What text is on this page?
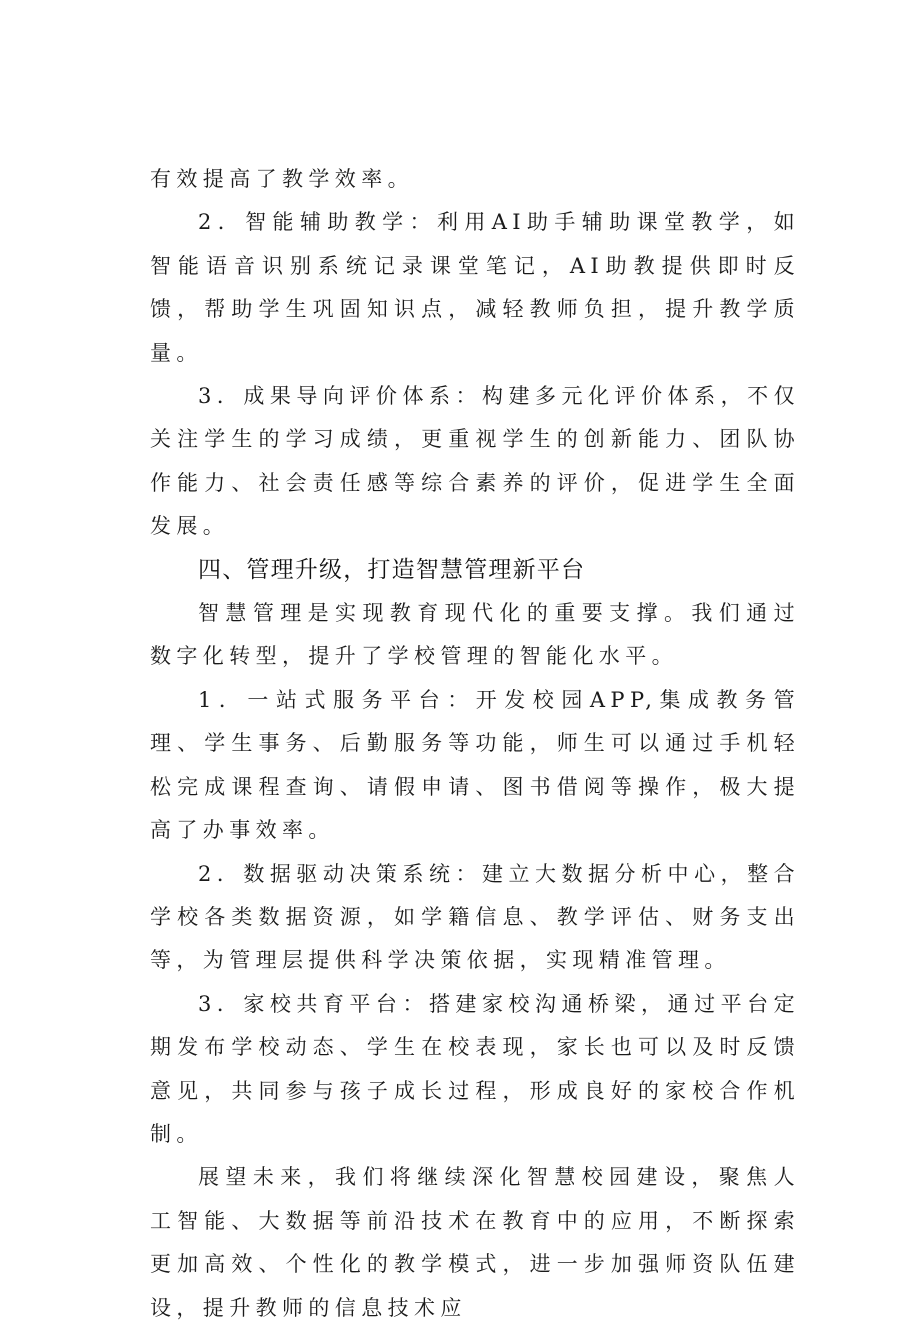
有效提高了教学效率。

2．智能辅助教学：利用AI助手辅助课堂教学，如智能语音识别系统记录课堂笔记，AI助教提供即时反馈，帮助学生巩固知识点，减轻教师负担，提升教学质量。

3．成果导向评价体系：构建多元化评价体系，不仅关注学生的学习成绩，更重视学生的创新能力、团队协作能力、社会责任感等综合素养的评价，促进学生全面发展。

四、管理升级，打造智慧管理新平台

智慧管理是实现教育现代化的重要支撑。我们通过数字化转型，提升了学校管理的智能化水平。

1．一站式服务平台：开发校园APP,集成教务管理、学生事务、后勤服务等功能，师生可以通过手机轻松完成课程查询、请假申请、图书借阅等操作，极大提高了办事效率。

2．数据驱动决策系统：建立大数据分析中心，整合学校各类数据资源，如学籍信息、教学评估、财务支出等，为管理层提供科学决策依据，实现精准管理。

3．家校共育平台：搭建家校沟通桥梁，通过平台定期发布学校动态、学生在校表现，家长也可以及时反馈意见，共同参与孩子成长过程，形成良好的家校合作机制。

展望未来，我们将继续深化智慧校园建设，聚焦人工智能、大数据等前沿技术在教育中的应用，不断探索更加高效、个性化的教学模式，进一步加强师资队伍建设，提升教师的信息技术应
